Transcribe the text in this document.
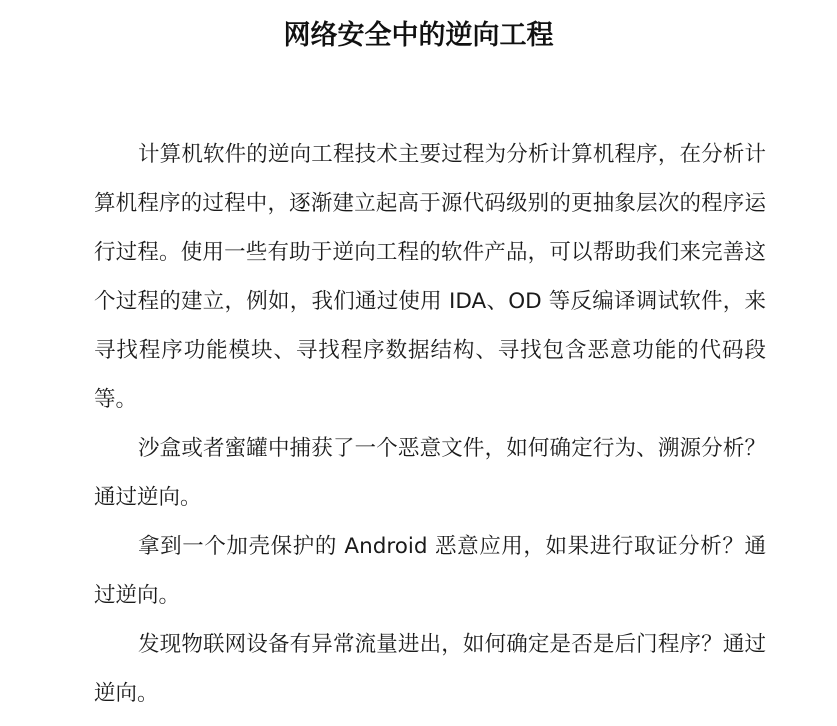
网络安全中的逆向工程

计算机软件的逆向工程技术主要过程为分析计算机程序，在分析计算机程序的过程中，逐渐建立起高于源代码级别的更抽象层次的程序运行过程。使用一些有助于逆向工程的软件产品，可以帮助我们来完善这个过程的建立，例如，我们通过使用 IDA、OD 等反编译调试软件，来寻找程序功能模块、寻找程序数据结构、寻找包含恶意功能的代码段等。

沙盒或者蜜罐中捕获了一个恶意文件，如何确定行为、溯源分析？通过逆向。

拿到一个加壳保护的 Android 恶意应用，如果进行取证分析？通过逆向。

发现物联网设备有异常流量进出，如何确定是否是后门程序？通过逆向。
